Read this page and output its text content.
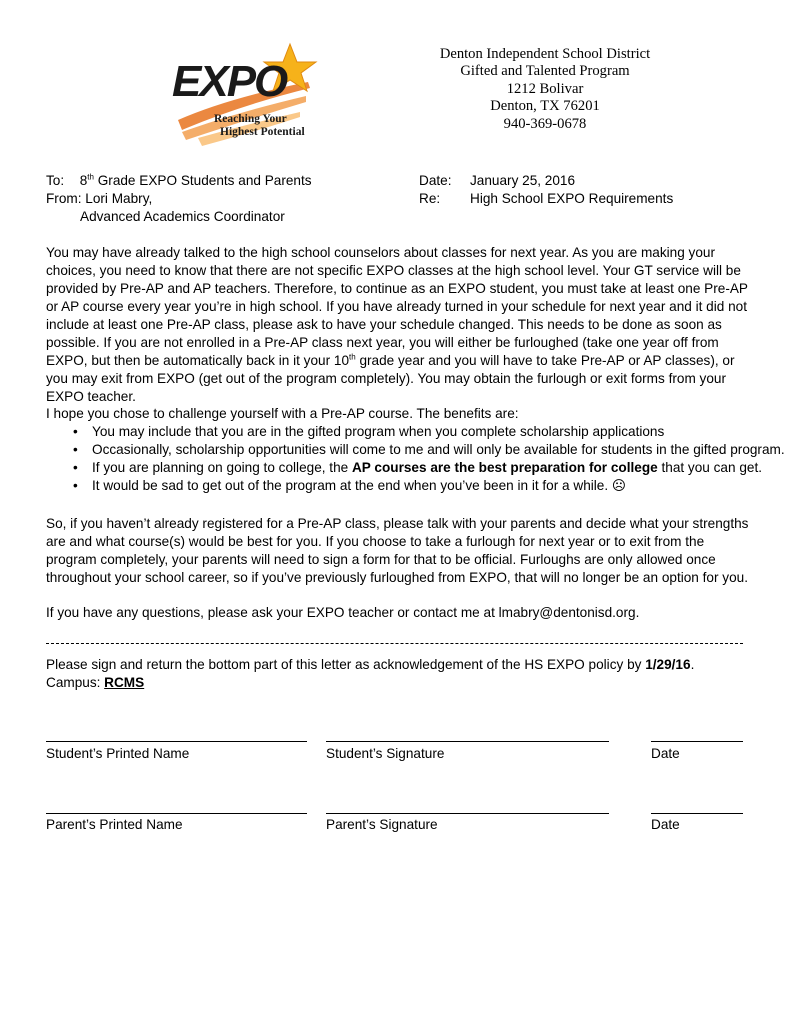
EXPO
Reaching Your
Highest Potential
Denton Independent School District
Gifted and Talented Program
1212 Bolivar
Denton, TX 76201
940-369-0678
To: 8th Grade EXPO Students and Parents
From: Lori Mabry,
Advanced Academics Coordinator
Date: January 25, 2016
Re: High School EXPO Requirements

You may have already talked to the high school counselors about classes for next year. As you are making your choices, you need to know that there are not specific EXPO classes at the high school level. Your GT service will be provided by Pre-AP and AP teachers. Therefore, to continue as an EXPO student, you must take at least one Pre-AP or AP course every year you’re in high school. If you have already turned in your schedule for next year and it did not include at least one Pre-AP class, please ask to have your schedule changed. This needs to be done as soon as possible. If you are not enrolled in a Pre-AP class next year, you will either be furloughed (take one year off from EXPO, but then be automatically back in it your 10th grade year and you will have to take Pre-AP or AP classes), or you may exit from EXPO (get out of the program completely). You may obtain the furlough or exit forms from your EXPO teacher.

I hope you chose to challenge yourself with a Pre-AP course. The benefits are:

• You may include that you are in the gifted program when you complete scholarship applications
• Occasionally, scholarship opportunities will come to me and will only be available for students in the gifted program.
• If you are planning on going to college, the AP courses are the best preparation for college that you can get.
• It would be sad to get out of the program at the end when you’ve been in it for a while. ☹

So, if you haven’t already registered for a Pre-AP class, please talk with your parents and decide what your strengths are and what course(s) would be best for you. If you choose to take a furlough for next year or to exit from the program completely, your parents will need to sign a form for that to be official. Furloughs are only allowed once throughout your school career, so if you’ve previously furloughed from EXPO, that will no longer be an option for you.

If you have any questions, please ask your EXPO teacher or contact me at lmabry@dentonisd.org.

Please sign and return the bottom part of this letter as acknowledgement of the HS EXPO policy by 1/29/16.

Campus: RCMS

Student’s Printed Name	Student’s Signature	Date
Parent’s Printed Name	Parent’s Signature	Date
